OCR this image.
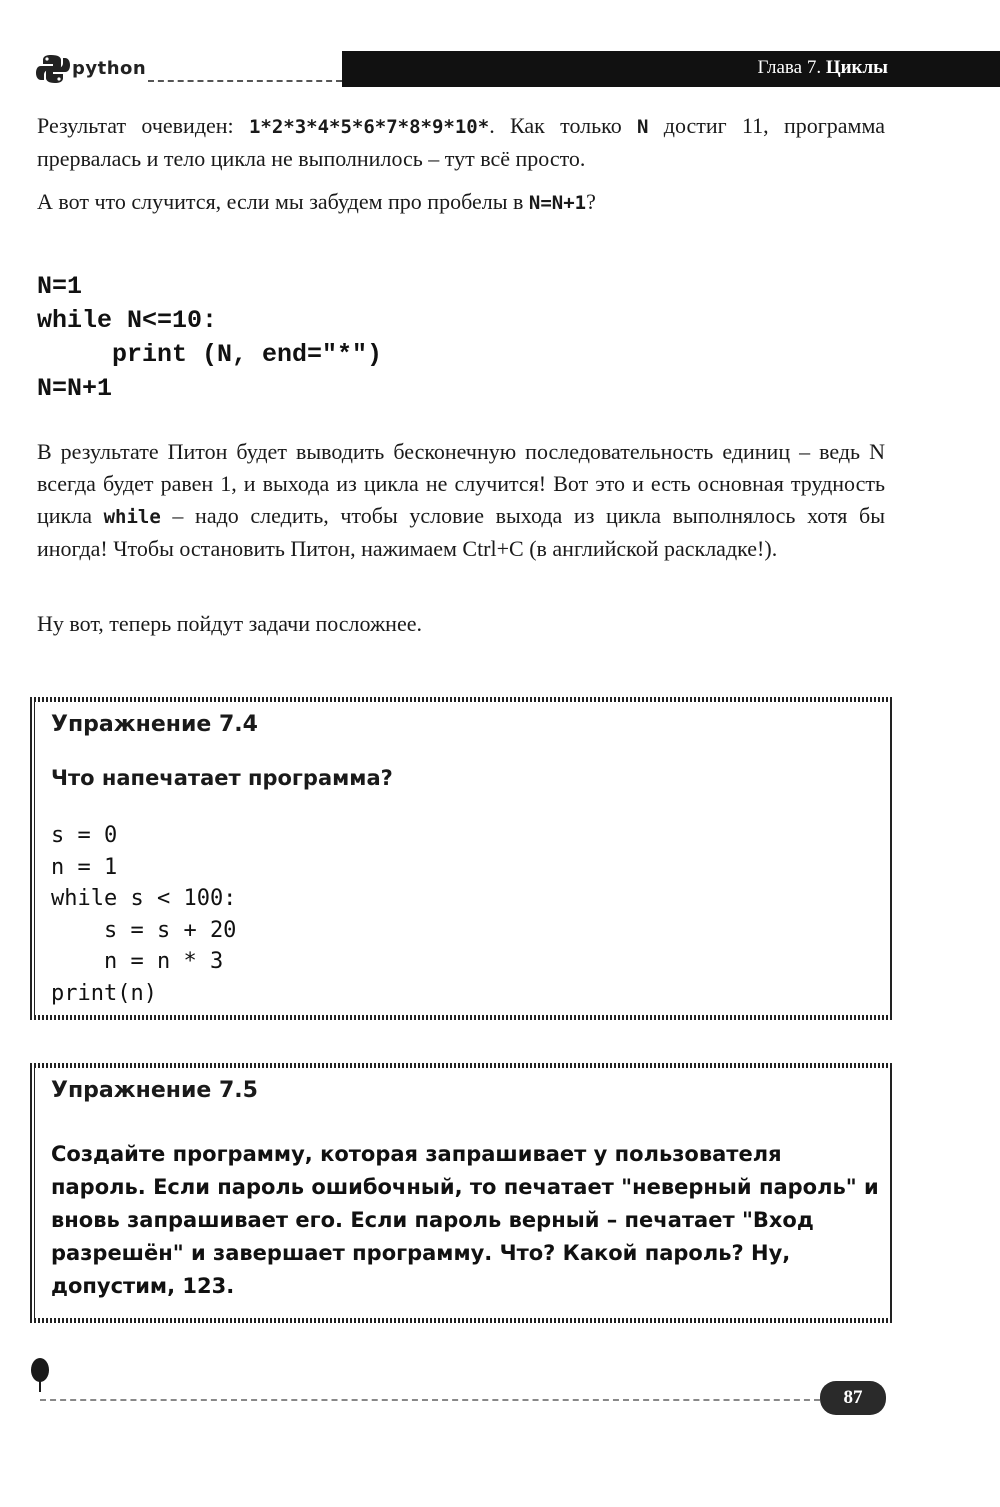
python	Глава 7. Циклы

Результат очевиден: 1*2*3*4*5*6*7*8*9*10*. Как только N достиг 11, программа прервалась и тело цикла не выполнилось – тут всё просто.

А вот что случится, если мы забудем про пробелы в N=N+1?

N=1
while N<=10:
print (N, end="*")
N=N+1

В результате Питон будет выводить бесконечную последовательность единиц – ведь N всегда будет равен 1, и выхода из цикла не случится! Вот это и есть основная трудность цикла while – надо следить, чтобы условие выхода из цикла выполнялось хотя бы иногда! Чтобы остановить Питон, нажимаем Ctrl+C (в английской раскладке!).

Ну вот, теперь пойдут задачи посложнее.

Упражнение 7.4
Что напечатает программа?
s = 0
n = 1
while s < 100:
s = s + 20
n = n * 3
print(n)
Упражнение 7.5

Создайте программу, которая запрашивает у пользователя пароль. Если пароль ошибочный, то печатает "неверный пароль" и вновь запрашивает его. Если пароль верный – печатает "Вход разрешён" и завершает программу. Что? Какой пароль? Ну, допустим, 123.

87
